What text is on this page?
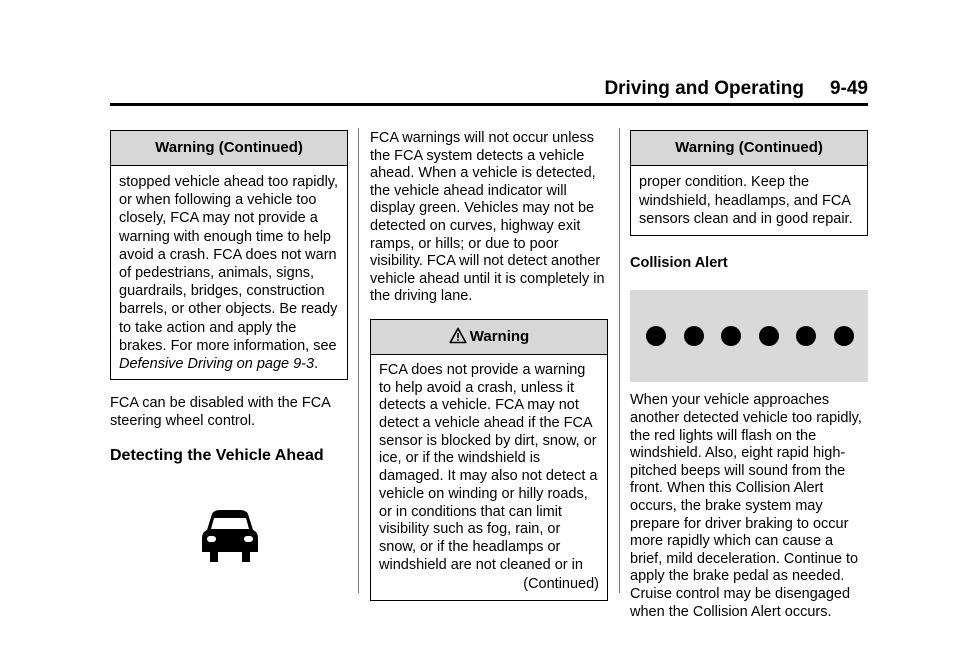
Driving and Operating 9-49
Warning (Continued)
stopped vehicle ahead too rapidly, or when following a vehicle too closely, FCA may not provide a warning with enough time to help avoid a crash. FCA does not warn of pedestrians, animals, signs, guardrails, bridges, construction barrels, or other objects. Be ready to take action and apply the brakes. For more information, see Defensive Driving on page 9-3.

FCA can be disabled with the FCA steering wheel control.

Detecting the Vehicle Ahead

FCA warnings will not occur unless the FCA system detects a vehicle ahead. When a vehicle is detected, the vehicle ahead indicator will display green. Vehicles may not be detected on curves, highway exit ramps, or hills; or due to poor visibility. FCA will not detect another vehicle ahead until it is completely in the driving lane.

Warning

FCA does not provide a warning to help avoid a crash, unless it detects a vehicle. FCA may not detect a vehicle ahead if the FCA sensor is blocked by dirt, snow, or ice, or if the windshield is damaged. It may also not detect a vehicle on winding or hilly roads, or in conditions that can limit visibility such as fog, rain, or snow, or if the headlamps or windshield are not cleaned or in

(Continued)

Warning (Continued)

proper condition. Keep the windshield, headlamps, and FCA sensors clean and in good repair.

Collision Alert

When your vehicle approaches another detected vehicle too rapidly, the red lights will flash on the windshield. Also, eight rapid high-pitched beeps will sound from the front. When this Collision Alert occurs, the brake system may prepare for driver braking to occur more rapidly which can cause a brief, mild deceleration. Continue to apply the brake pedal as needed. Cruise control may be disengaged when the Collision Alert occurs.
